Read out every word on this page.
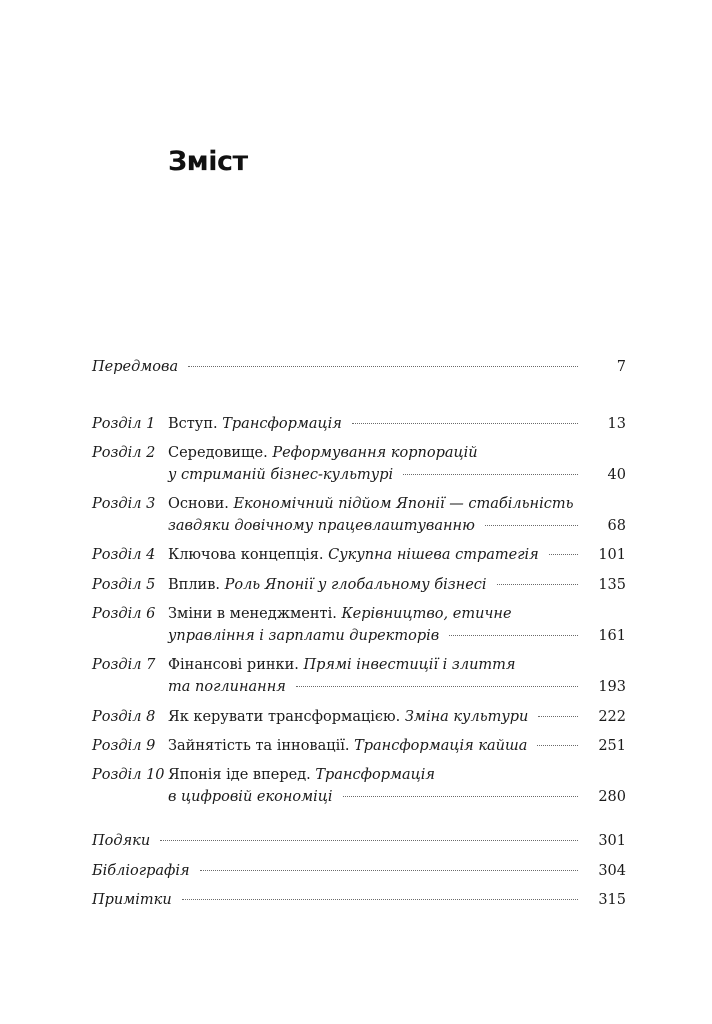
Зміст
Передмова	7
Розділ 1 Вступ.
Трансформація	13
Розділ 2 Середовище.
Реформування корпорацій
у стриманій бізнес-культурі	40
Розділ 3 Основи.
Економічний підйом Японії — стабільність
завдяки довічному працевлаштуванню	68
Розділ 4 Ключова концепція.
Сукупна нішева стратегія	101
Розділ 5 Вплив.
Роль Японії у глобальному бізнесі	135
Розділ 6 Зміни в менеджменті.
Керівництво, етичне
управління і зарплати директорів	161
Розділ 7 Фінансові ринки.
Прямі інвестиції і злиття
та поглинання	193
Розділ 8 Як керувати трансформацією.
Зміна культури	222
Розділ 9 Зайнятість та інновації.
Трансформація кайша	251
Розділ 10 Японія іде вперед.
Трансформація
в цифровій економіці	280
Подяки	301
Бібліографія	304
Примітки	315
